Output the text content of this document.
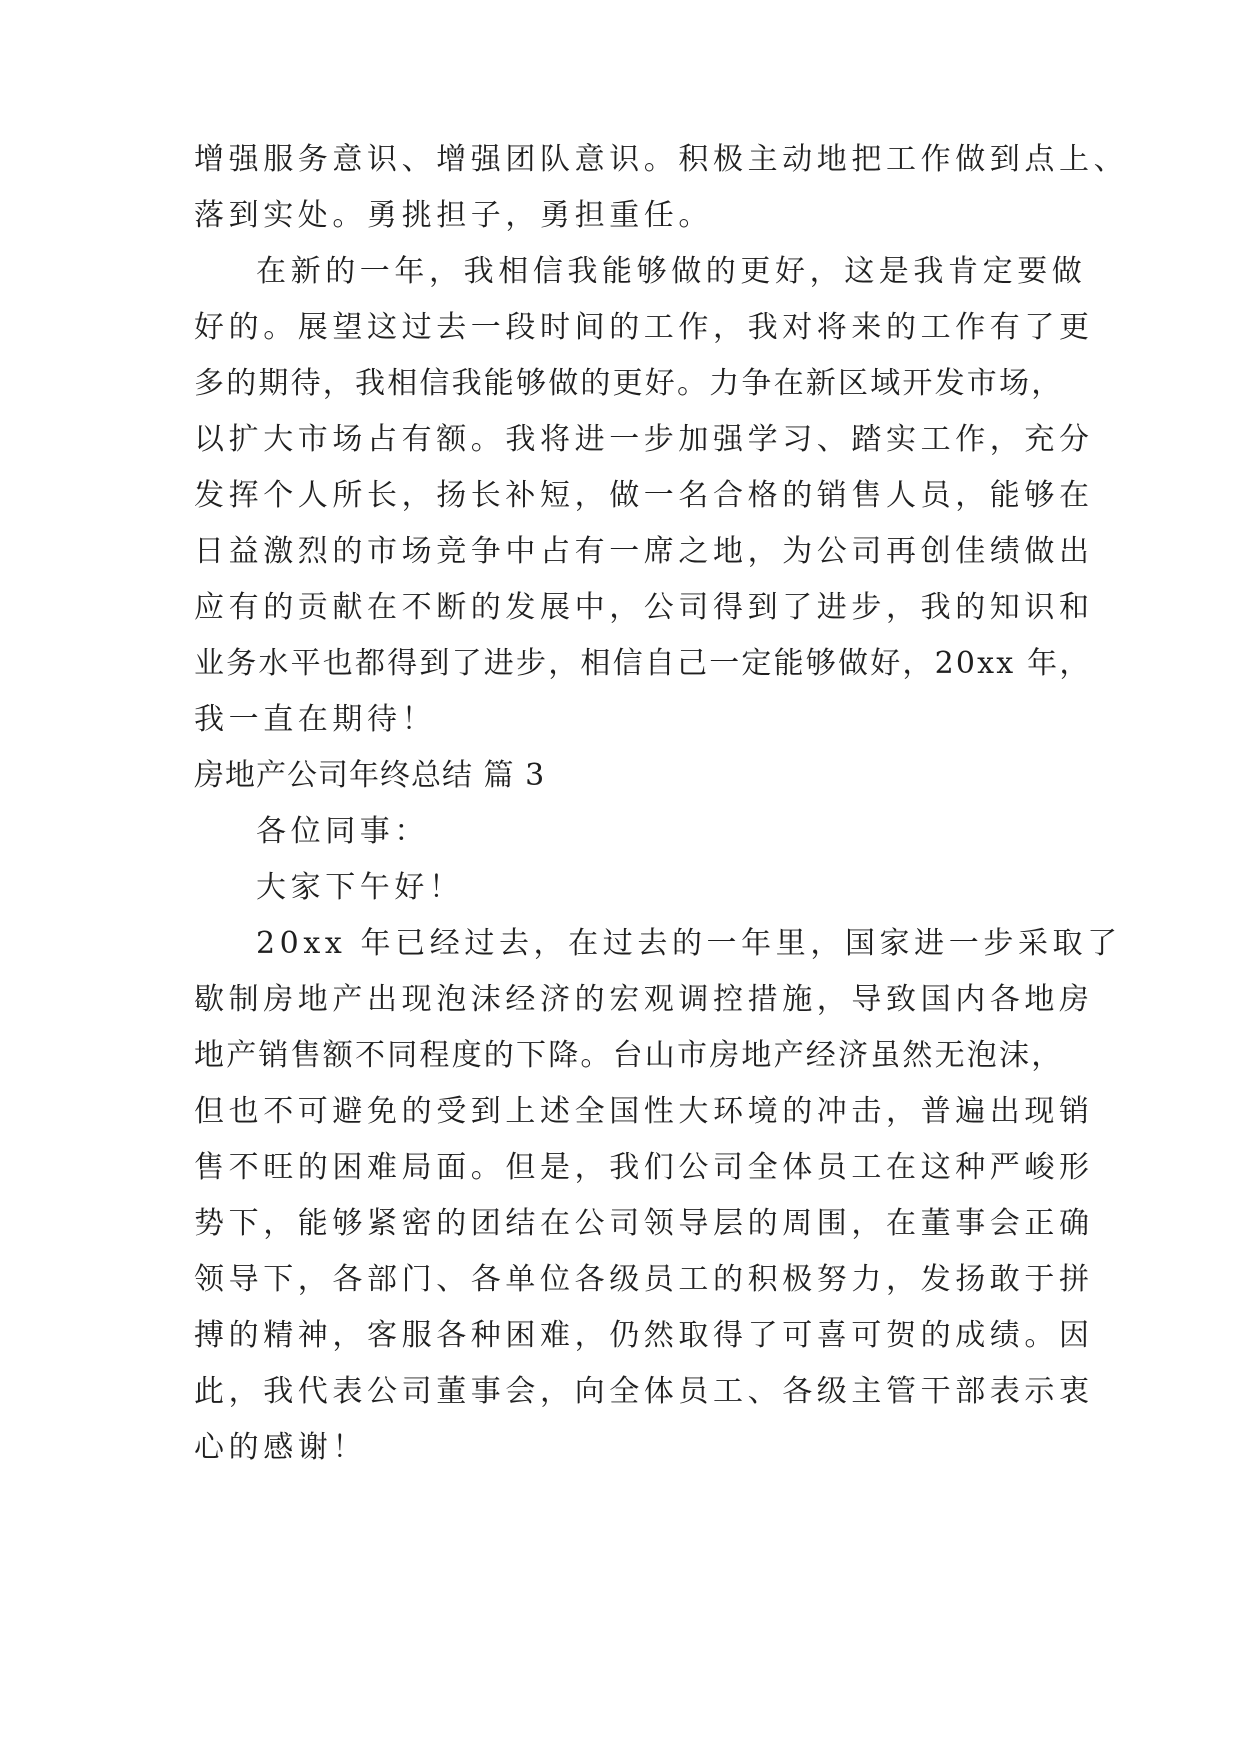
增强服务意识、增强团队意识。积极主动地把工作做到点上、
落到实处。勇挑担子，勇担重任。
在新的一年，我相信我能够做的更好，这是我肯定要做
好的。展望这过去一段时间的工作，我对将来的工作有了更
多的期待，我相信我能够做的更好。力争在新区域开发市场，
以扩大市场占有额。我将进一步加强学习、踏实工作，充分
发挥个人所长，扬长补短，做一名合格的销售人员，能够在
日益激烈的市场竞争中占有一席之地，为公司再创佳绩做出
应有的贡献在不断的发展中，公司得到了进步，我的知识和
业务水平也都得到了进步，相信自己一定能够做好，20xx 年，
我一直在期待！
房地产公司年终总结 篇 3
各位同事：
大家下午好！
20xx 年已经过去，在过去的一年里，国家进一步采取了
歇制房地产出现泡沫经济的宏观调控措施，导致国内各地房
地产销售额不同程度的下降。台山市房地产经济虽然无泡沫，
但也不可避免的受到上述全国性大环境的冲击，普遍出现销
售不旺的困难局面。但是，我们公司全体员工在这种严峻形
势下，能够紧密的团结在公司领导层的周围，在董事会正确
领导下，各部门、各单位各级员工的积极努力，发扬敢于拼
搏的精神，客服各种困难，仍然取得了可喜可贺的成绩。因
此，我代表公司董事会，向全体员工、各级主管干部表示衷
心的感谢！
